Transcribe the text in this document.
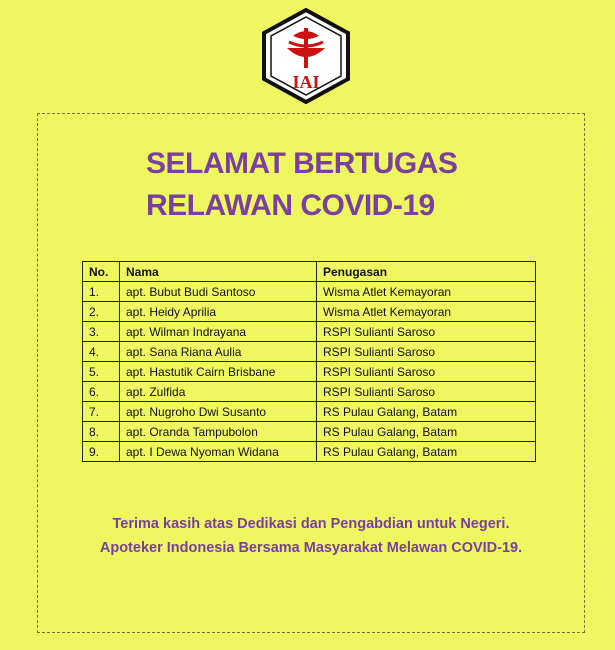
IAI
SELAMAT BERTUGAS
RELAWAN COVID-19
No.	Nama	Penugasan
1.	apt. Bubut Budi Santoso	Wisma Atlet Kemayoran
2.	apt. Heidy Aprilia	Wisma Atlet Kemayoran
3.	apt. Wilman Indrayana	RSPI Sulianti Saroso
4.	apt. Sana Riana Aulia	RSPI Sulianti Saroso
5.	apt. Hastutik Cairn Brisbane	RSPI Sulianti Saroso
6.	apt. Zulfida	RSPI Sulianti Saroso
7.	apt. Nugroho Dwi Susanto	RS Pulau Galang, Batam
8.	apt. Oranda Tampubolon	RS Pulau Galang, Batam
9.	apt. I Dewa Nyoman Widana	RS Pulau Galang, Batam
Terima kasih atas Dedikasi dan Pengabdian untuk Negeri.
Apoteker Indonesia Bersama Masyarakat Melawan COVID-19.
